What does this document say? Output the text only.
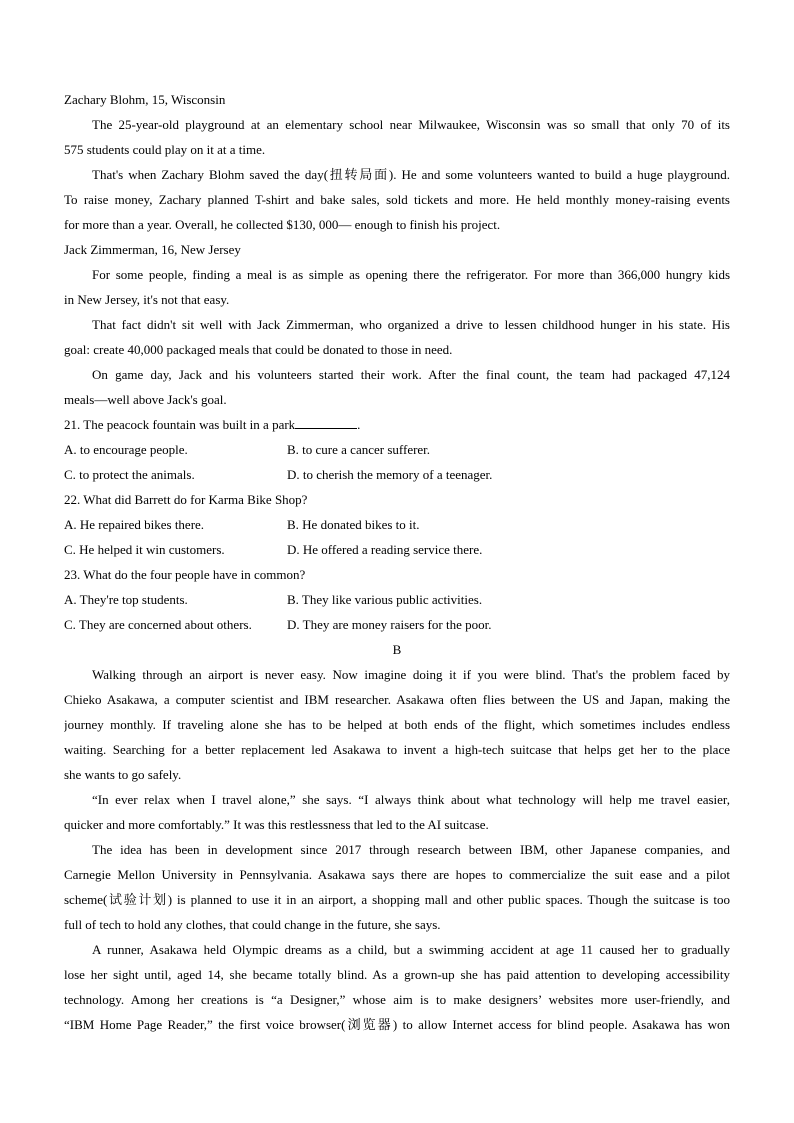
Zachary Blohm, 15, Wisconsin
The 25-year-old playground at an elementary school near Milwaukee, Wisconsin was so small that only 70 of its
575 students could play on it at a time.
That's when Zachary Blohm saved the day(扭转局面). He and some volunteers wanted to build a huge playground.
To raise money, Zachary planned T-shirt and bake sales, sold tickets and more. He held monthly money-raising events
for more than a year. Overall, he collected $130, 000— enough to finish his project.
Jack Zimmerman, 16, New Jersey
For some people, finding a meal is as simple as opening there the refrigerator. For more than 366,000 hungry kids
in New Jersey, it's not that easy.
That fact didn't sit well with Jack Zimmerman, who organized a drive to lessen childhood hunger in his state. His
goal: create 40,000 packaged meals that could be donated to those in need.
On game day, Jack and his volunteers started their work. After the final count, the team had packaged 47,124
meals—well above Jack's goal.
21. The peacock fountain was built in a park	.
A. to encourage people.	B. to cure a cancer sufferer.
C. to protect the animals.	D. to cherish the memory of a teenager.
22. What did Barrett do for Karma Bike Shop?
A. He repaired bikes there.	B. He donated bikes to it.
C. He helped it win customers.	D. He offered a reading service there.
23. What do the four people have in common?
A. They're top students.	B. They like various public activities.
C. They are concerned about others.	D. They are money raisers for the poor.
B
Walking through an airport is never easy. Now imagine doing it if you were blind. That's the problem faced by
Chieko Asakawa, a computer scientist and IBM researcher. Asakawa often flies between the US and Japan, making the
journey monthly. If traveling alone she has to be helped at both ends of the flight, which sometimes includes endless
waiting. Searching for a better replacement led Asakawa to invent a high-tech suitcase that helps get her to the place
she wants to go safely.
“In ever relax when I travel alone,” she says. “I always think about what technology will help me travel easier,
quicker and more comfortably.” It was this restlessness that led to the AI suitcase.
The idea has been in development since 2017 through research between IBM, other Japanese companies, and
Carnegie Mellon University in Pennsylvania. Asakawa says there are hopes to commercialize the suit ease and a pilot
scheme(试验计划) is planned to use it in an airport, a shopping mall and other public spaces. Though the suitcase is too
full of tech to hold any clothes, that could change in the future, she says.
A runner, Asakawa held Olympic dreams as a child, but a swimming accident at age 11 caused her to gradually
lose her sight until, aged 14, she became totally blind. As a grown-up she has paid attention to developing accessibility
technology. Among her creations is “a Designer,” whose aim is to make designers’ websites more user-friendly, and
“IBM Home Page Reader,” the first voice browser(浏览器) to allow Internet access for blind people. Asakawa has won
